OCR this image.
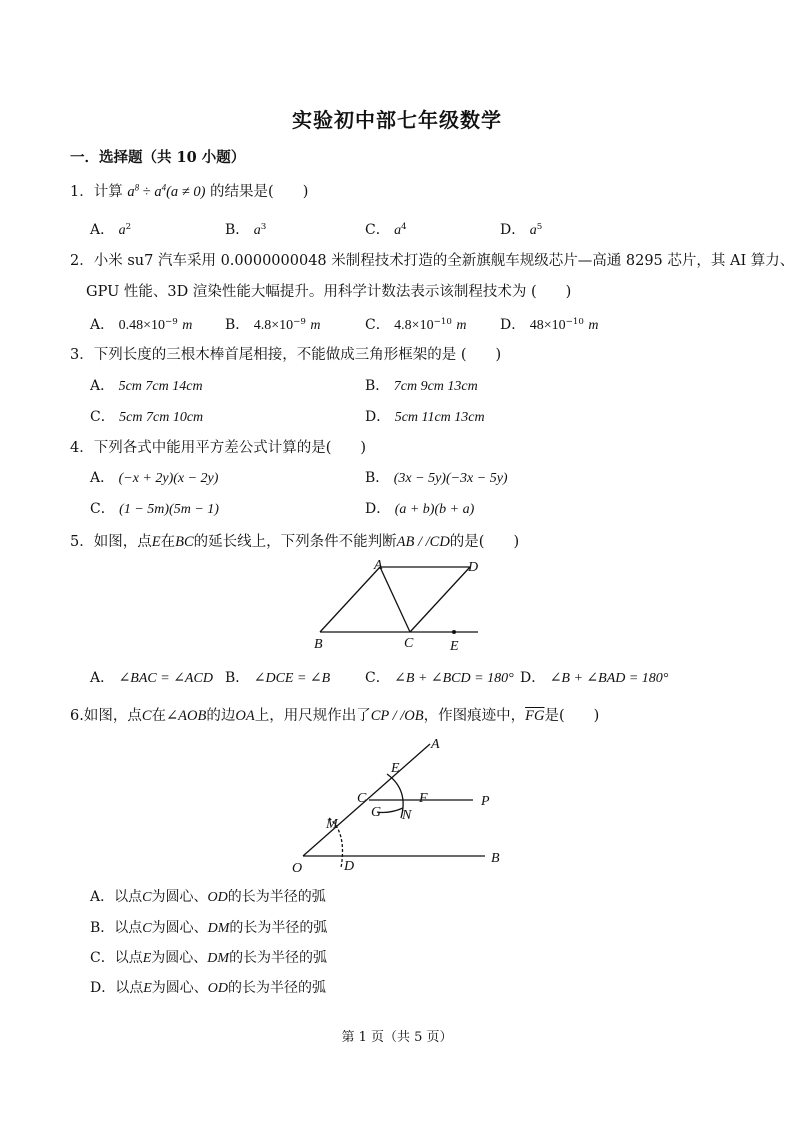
实验初中部七年级数学
一．选择题（共 10 小题）
1．计算 $a^8 \div a^4(a \ne 0)$ 的结果是(　　)
A． $a^2$	B． $a^3$	C． $a^4$	D． $a^5$
2．小米 su7 汽车采用 0.0000000048 米制程技术打造的全新旗舰车规级芯片—高通 8295 芯片，其 AI 算力、
GPU 性能、3D 渲染性能大幅提升。用科学计数法表示该制程技术为 (　　)
A． $0.48\times 10^{-9}$ m B． $4.8\times 10^{-9}$ m	C． $4.8\times 10^{-10}$ m D． $48\times 10^{-10}$ m
3．下列长度的三根木棒首尾相接，不能做成三角形框架的是 (　　)
A． 5cm 7cm 14cm	B． 7cm 9cm 13cm
C． 5cm 7cm 10cm	D． 5cm 11cm 13cm
4．下列各式中能用平方差公式计算的是(　　)
A． (−x + 2y)(x − 2y)	B． (3x − 5y)(−3x − 5y)
C． (1 − 5m)(5m − 1)	D． (a + b)(b + a)
5．如图，点E在BC的延长线上，下列条件不能判断AB / /CD的是(　　)
A	D
B	C	E
A． ∠BAC = ∠ACD B． ∠DCE = ∠B C． ∠B + ∠BCD = 180° D． ∠B + ∠BAD = 180°
6.如图，点C在∠AOB的边OA上，用尺规作出了CP / /OB，作图痕迹中，$\overline{FG}$是(　　)
A
E
C	F	P
G N
M
O	D
B
A．以点C为圆心、OD的长为半径的弧
B．以点C为圆心、DM的长为半径的弧
C．以点E为圆心、DM的长为半径的弧
D．以点E为圆心、OD的长为半径的弧
第 1 页（共 5 页）
